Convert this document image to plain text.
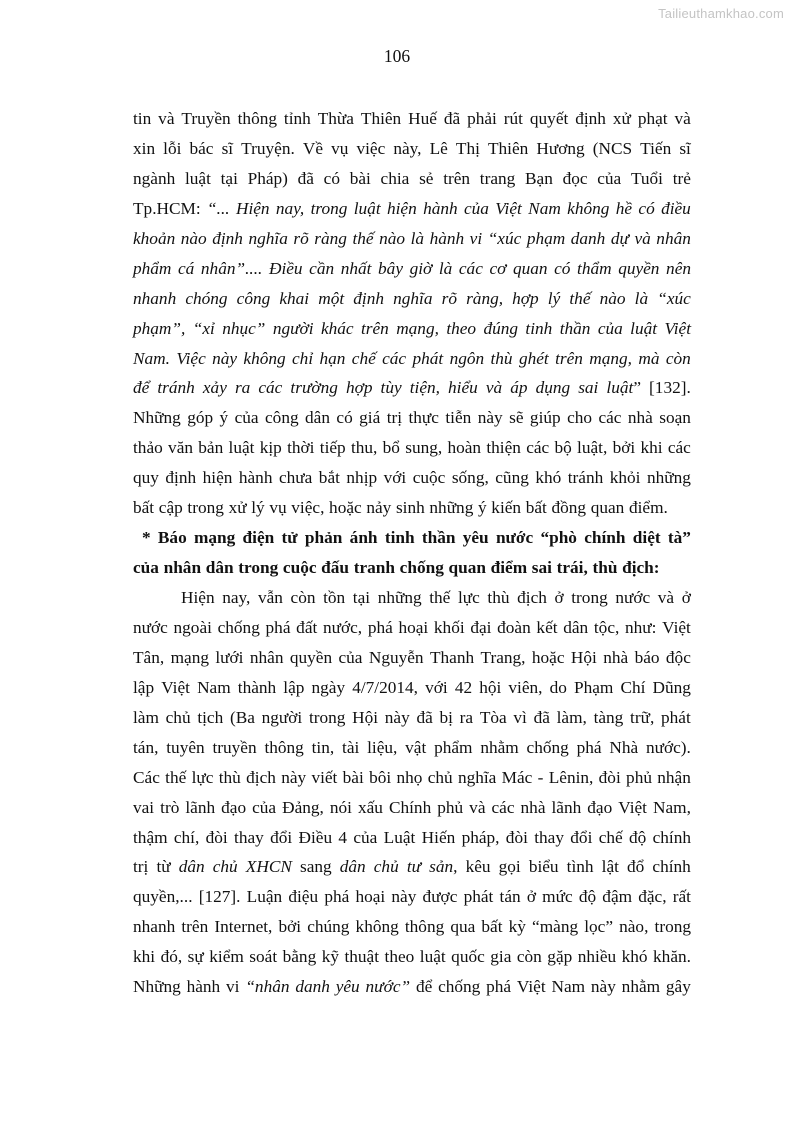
Tailieuthamkhao.com
106
tin và Truyền thông tỉnh Thừa Thiên Huế đã phải rút quyết định xử phạt và
xin lỗi bác sĩ Truyện. Về vụ việc này, Lê Thị Thiên Hương (NCS Tiến sĩ
ngành luật tại Pháp) đã có bài chia sẻ trên trang Bạn đọc của Tuổi trẻ
Tp.HCM: “... Hiện nay, trong luật hiện hành của Việt Nam không hề có điều
khoản nào định nghĩa rõ ràng thế nào là hành vi “xúc phạm danh dự và nhân
phẩm cá nhân”.... Điều cần nhất bây giờ là các cơ quan có thẩm quyền nên
nhanh chóng công khai một định nghĩa rõ ràng, hợp lý thế nào là “xúc
phạm”, “xỉ nhục” người khác trên mạng, theo đúng tinh thần của luật Việt
Nam. Việc này không chỉ hạn chế các phát ngôn thù ghét trên mạng, mà còn
để tránh xảy ra các trường hợp tùy tiện, hiểu và áp dụng sai luật” [132].
Những góp ý của công dân có giá trị thực tiễn này sẽ giúp cho các nhà soạn
thảo văn bản luật kịp thời tiếp thu, bổ sung, hoàn thiện các bộ luật, bởi khi các
quy định hiện hành chưa bắt nhịp với cuộc sống, cũng khó tránh khỏi những
bất cập trong xử lý vụ việc, hoặc nảy sinh những ý kiến bất đồng quan điểm.
* Báo mạng điện tử phản ánh tinh thần yêu nước “phò chính diệt tà”
của nhân dân trong cuộc đấu tranh chống quan điểm sai trái, thù địch:
Hiện nay, vẫn còn tồn tại những thế lực thù địch ở trong nước và ở
nước ngoài chống phá đất nước, phá hoại khối đại đoàn kết dân tộc, như: Việt
Tân, mạng lưới nhân quyền của Nguyễn Thanh Trang, hoặc Hội nhà báo độc
lập Việt Nam thành lập ngày 4/7/2014, với 42 hội viên, do Phạm Chí Dũng
làm chủ tịch (Ba người trong Hội này đã bị ra Tòa vì đã làm, tàng trữ, phát
tán, tuyên truyền thông tin, tài liệu, vật phẩm nhằm chống phá Nhà nước).
Các thế lực thù địch này viết bài bôi nhọ chủ nghĩa Mác - Lênin, đòi phủ nhận
vai trò lãnh đạo của Đảng, nói xấu Chính phủ và các nhà lãnh đạo Việt Nam,
thậm chí, đòi thay đổi Điều 4 của Luật Hiến pháp, đòi thay đổi chế độ chính
trị từ dân chủ XHCN sang dân chủ tư sản, kêu gọi biểu tình lật đổ chính
quyền,... [127]. Luận điệu phá hoại này được phát tán ở mức độ đậm đặc, rất
nhanh trên Internet, bởi chúng không thông qua bất kỳ “màng lọc” nào, trong
khi đó, sự kiểm soát bằng kỹ thuật theo luật quốc gia còn gặp nhiều khó khăn.
Những hành vi “nhân danh yêu nước” để chống phá Việt Nam này nhằm gây
